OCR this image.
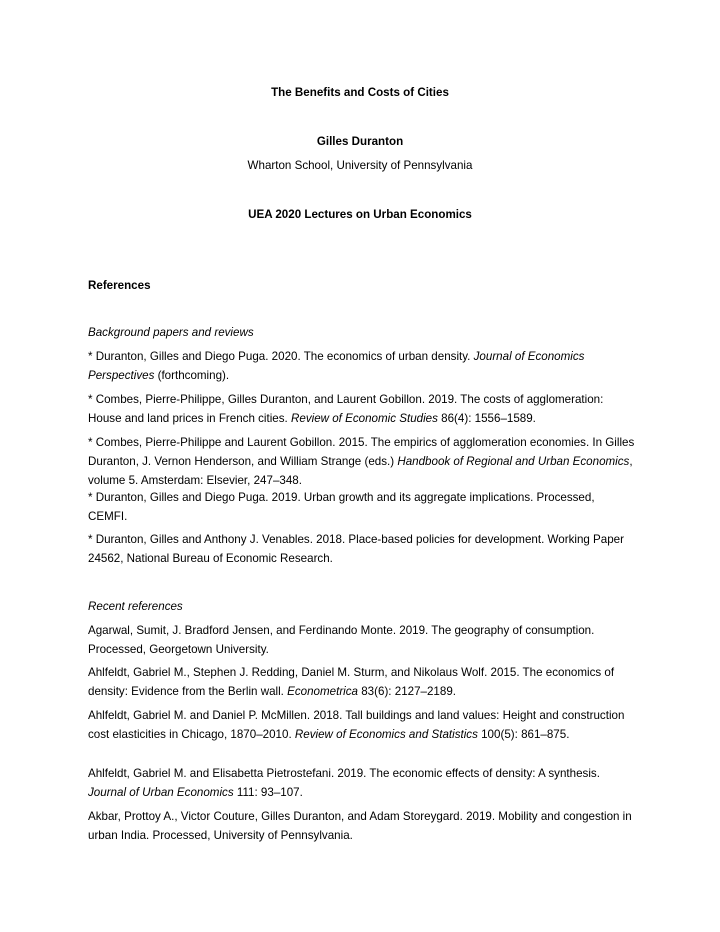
The Benefits and Costs of Cities
Gilles Duranton
Wharton School, University of Pennsylvania
UEA 2020 Lectures on Urban Economics
References
Background papers and reviews

* Duranton, Gilles and Diego Puga. 2020. The economics of urban density. Journal of Economics Perspectives (forthcoming).

* Combes, Pierre-Philippe, Gilles Duranton, and Laurent Gobillon. 2019. The costs of agglomeration: House and land prices in French cities. Review of Economic Studies 86(4): 1556–1589.

* Combes, Pierre-Philippe and Laurent Gobillon. 2015. The empirics of agglomeration economies. In Gilles Duranton, J. Vernon Henderson, and William Strange (eds.) Handbook of Regional and Urban Economics, volume 5. Amsterdam: Elsevier, 247–348.

* Duranton, Gilles and Diego Puga. 2019. Urban growth and its aggregate implications. Processed, CEMFI.

* Duranton, Gilles and Anthony J. Venables. 2018. Place-based policies for development. Working Paper 24562, National Bureau of Economic Research.

Recent references

Agarwal, Sumit, J. Bradford Jensen, and Ferdinando Monte. 2019. The geography of consumption. Processed, Georgetown University.

Ahlfeldt, Gabriel M., Stephen J. Redding, Daniel M. Sturm, and Nikolaus Wolf. 2015. The economics of density: Evidence from the Berlin wall. Econometrica 83(6): 2127–2189.

Ahlfeldt, Gabriel M. and Daniel P. McMillen. 2018. Tall buildings and land values: Height and construction cost elasticities in Chicago, 1870–2010. Review of Economics and Statistics 100(5): 861–875.

Ahlfeldt, Gabriel M. and Elisabetta Pietrostefani. 2019. The economic effects of density: A synthesis. Journal of Urban Economics 111: 93–107.

Akbar, Prottoy A., Victor Couture, Gilles Duranton, and Adam Storeygard. 2019. Mobility and congestion in urban India. Processed, University of Pennsylvania.
